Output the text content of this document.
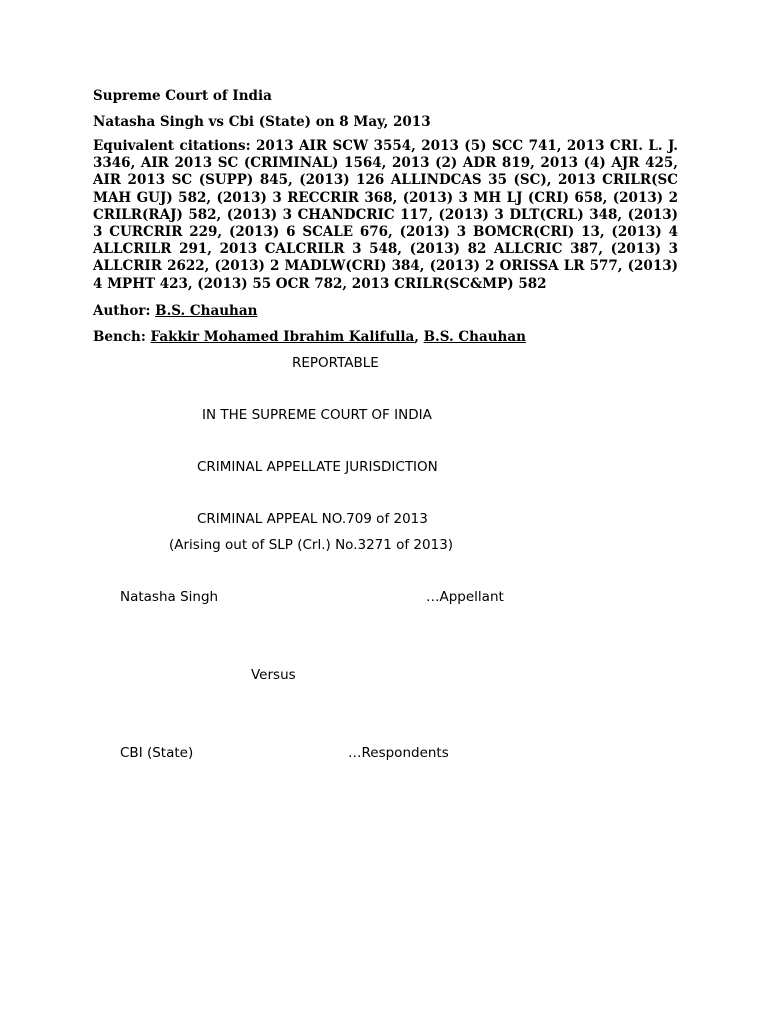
Supreme Court of India
Natasha Singh vs Cbi (State) on 8 May, 2013
Equivalent citations: 2013 AIR SCW 3554, 2013 (5) SCC 741, 2013 CRI. L. J. 3346, AIR 2013 SC (CRIMINAL) 1564, 2013 (2) ADR 819, 2013 (4) AJR 425, AIR 2013 SC (SUPP) 845, (2013) 126 ALLINDCAS 35 (SC), 2013 CRILR(SC MAH GUJ) 582, (2013) 3 RECCRIR 368, (2013) 3 MH LJ (CRI) 658, (2013) 2 CRILR(RAJ) 582, (2013) 3 CHANDCRIC 117, (2013) 3 DLT(CRL) 348, (2013) 3 CURCRIR 229, (2013) 6 SCALE 676, (2013) 3 BOMCR(CRI) 13, (2013) 4 ALLCRILR 291, 2013 CALCRILR 3 548, (2013) 82 ALLCRIC 387, (2013) 3 ALLCRIR 2622, (2013) 2 MADLW(CRI) 384, (2013) 2 ORISSA LR 577, (2013) 4 MPHT 423, (2013) 55 OCR 782, 2013 CRILR(SC&MP) 582
Author: B.S. Chauhan
Bench: Fakkir Mohamed Ibrahim Kalifulla, B.S. Chauhan
REPORTABLE
IN THE SUPREME COURT OF INDIA
CRIMINAL APPELLATE JURISDICTION
CRIMINAL APPEAL NO.709 of 2013
(Arising out of SLP (Crl.) No.3271 of 2013)
Natasha Singh	…Appellant
Versus
CBI (State)	…Respondents
